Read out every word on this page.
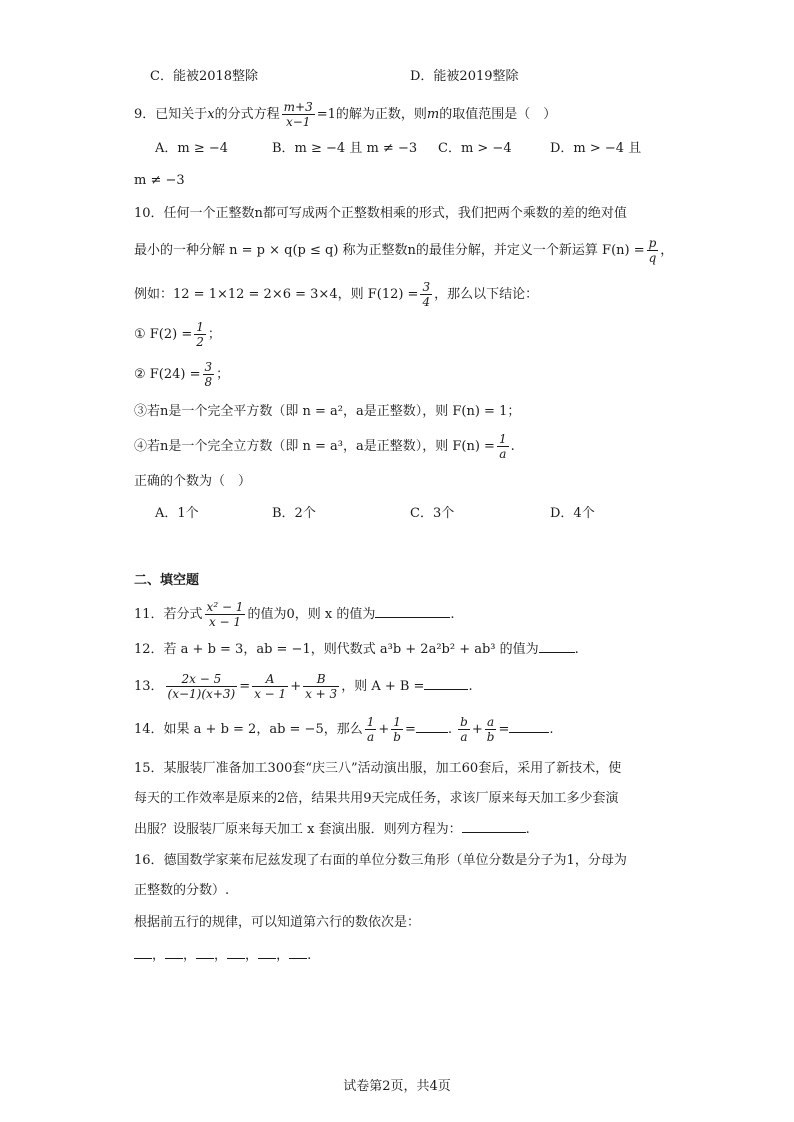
C．能被2018整除	D．能被2019整除
9．已知关于x的分式方程 $\frac{m+3}{x-1} =1$的解为正数，则m的取值范围是（　）
A．m ≥ −4	B．m ≥ −4 且 m ≠ −3 C．m > −4	D．m > −4 且
m ≠ −3
10．任何一个正整数n都可写成两个正整数相乘的形式，我们把两个乘数的差的绝对值
最小的一种分解 n = p × q(p ≤ q) 称为正整数n的最佳分解，并定义一个新运算 $F(n) = \frac{p}{q}$ ，
例如：12 = 1×12 = 2×6 = 3×4，则 $F(12) = \frac{3}{4}$ ，那么以下结论：
① $F(2) = \frac{1}{2}$ ；
② $F(24) = \frac{3}{8}$ ；
③若n是一个完全平方数（即 n = a²，a是正整数），则 F(n) = 1；
④若n是一个完全立方数（即 n = a³，a是正整数），则 $F(n) = \frac{1}{a}$ .
正确的个数为（　）
A．1个	B．2个	C．3个	D．4个
二、填空题
11．若分式 $\frac{\text{x² − 1}}{x - 1}$ 的值为0，则 x 的值为	.
12．若 a + b = 3，ab = −1，则代数式 a³b + 2a²b² + ab³ 的值为	.
13． $\frac{2x - 5}{(x-1)(x+3)} = \frac{A}{x - 1} + \frac{B}{x + 3}$ ，则 A + B =	.
14．如果 a + b = 2，ab = −5，那么 $\frac{1}{a} + \frac{1}{b}$ = . $\frac{b}{a} + \frac{a}{b}$ =	.
15．某服装厂准备加工300套“庆三八”活动演出服，加工60套后，采用了新技术，使
每天的工作效率是原来的2倍，结果共用9天完成任务，求该厂原来每天加工多少套演
出服？设服装厂原来每天加工 x 套演出服．则列方程为：	.
16．德国数学家莱布尼兹发现了右面的单位分数三角形（单位分数是分子为1，分母为
正整数的分数）.
根据前五行的规律，可以知道第六行的数依次是：
， ， ， ， ， .
试卷第2页，共4页
